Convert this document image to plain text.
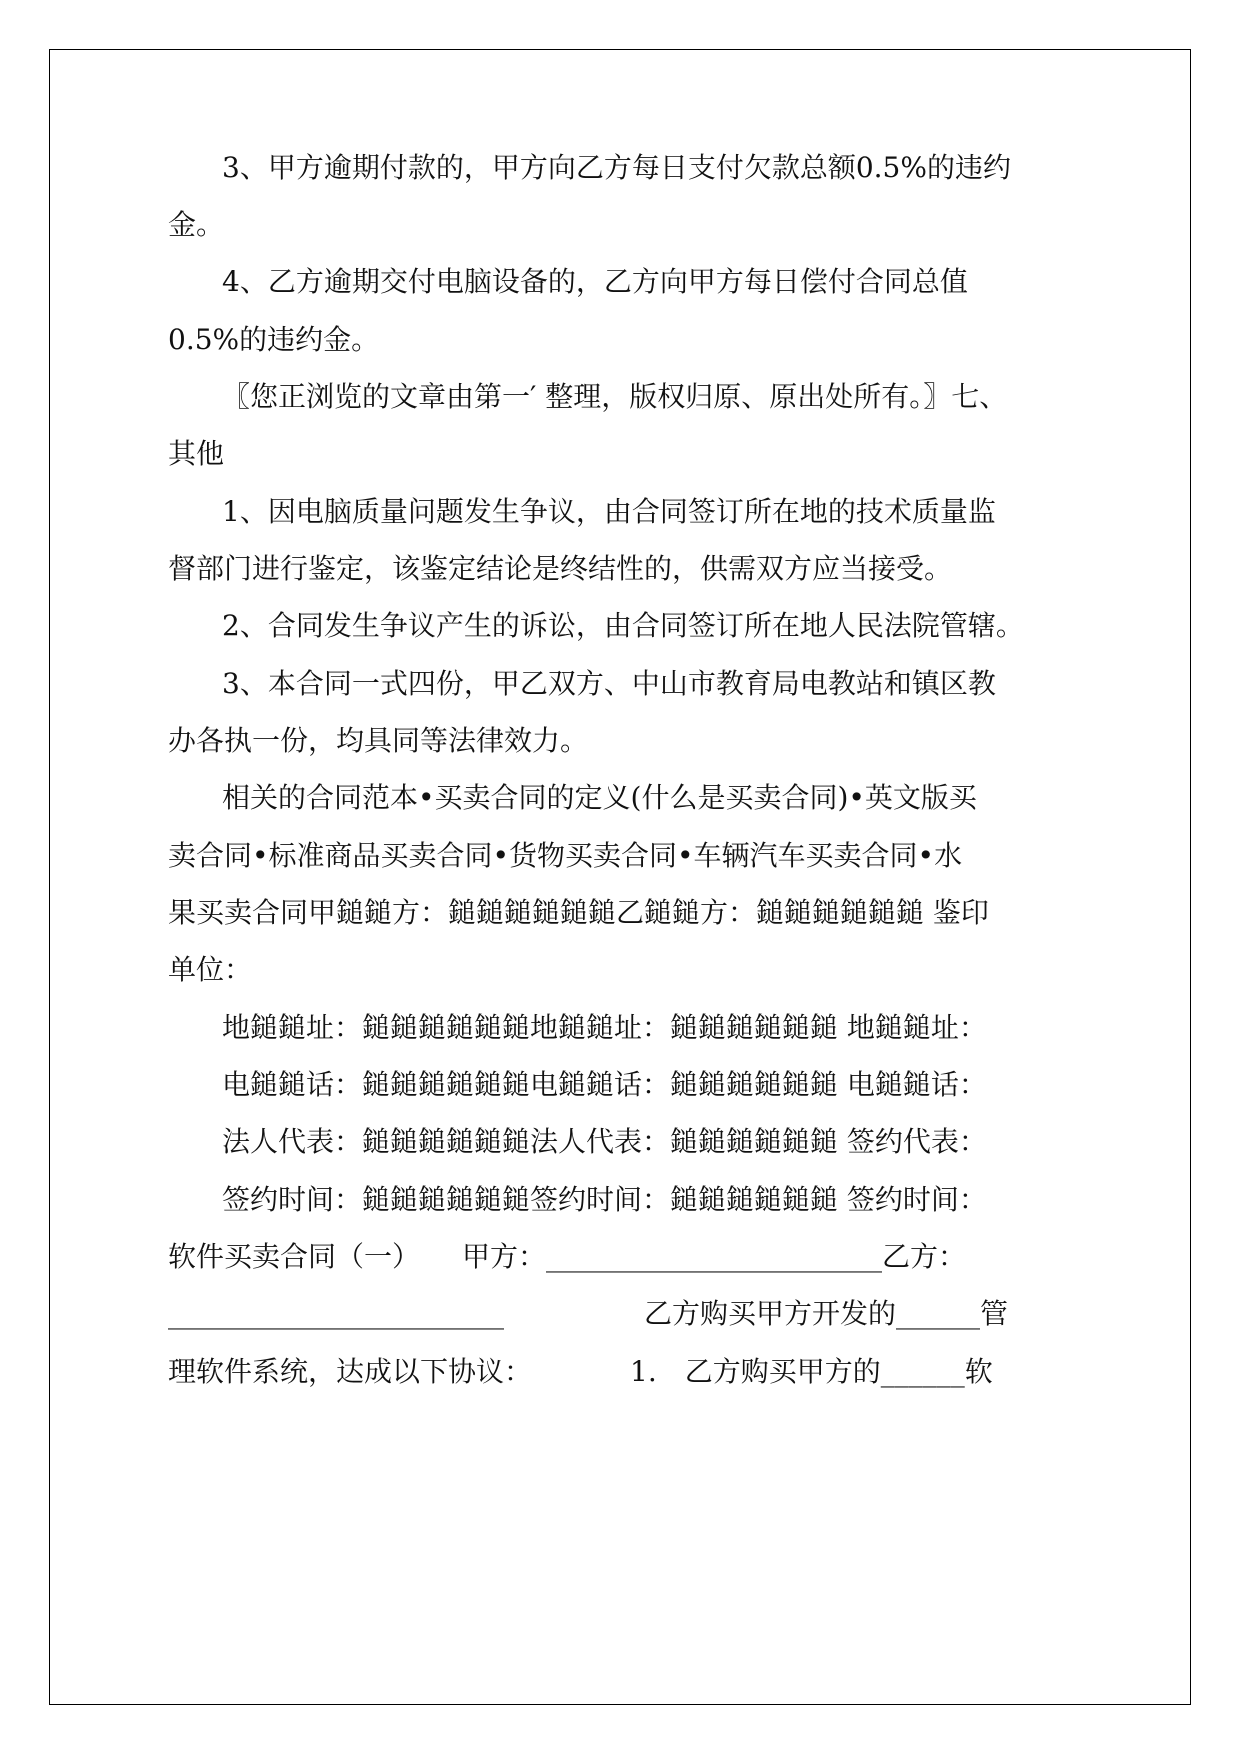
3、甲方逾期付款的，甲方向乙方每日支付欠款总额0.5%的违约
金。
4、乙方逾期交付电脑设备的，乙方向甲方每日偿付合同总值
0.5%的违约金。
〖您正浏览的文章由第一′ 整理，版权归原、原出处所有。〗七、
其他
1、因电脑质量问题发生争议，由合同签订所在地的技术质量监
督部门进行鉴定，该鉴定结论是终结性的，供需双方应当接受。
2、合同发生争议产生的诉讼，由合同签订所在地人民法院管辖。
3、本合同一式四份，甲乙双方、中山市教育局电教站和镇区教
办各执一份，均具同等法律效力。
相关的合同范本•买卖合同的定义(什么是买卖合同)•英文版买
卖合同•标准商品买卖合同•货物买卖合同•车辆汽车买卖合同•水
果买卖合同甲鎚鎚方：鎚鎚鎚鎚鎚鎚乙鎚鎚方：鎚鎚鎚鎚鎚鎚 鉴印
单位：
地鎚鎚址：鎚鎚鎚鎚鎚鎚地鎚鎚址：鎚鎚鎚鎚鎚鎚 地鎚鎚址：
电鎚鎚话：鎚鎚鎚鎚鎚鎚电鎚鎚话：鎚鎚鎚鎚鎚鎚 电鎚鎚话：
法人代表：鎚鎚鎚鎚鎚鎚法人代表：鎚鎚鎚鎚鎚鎚 签约代表：
签约时间：鎚鎚鎚鎚鎚鎚签约时间：鎚鎚鎚鎚鎚鎚 签约时间：
软件买卖合同（一）　　甲方：________________________乙方：
________________________　　　　　乙方购买甲方开发的______管
理软件系统，达成以下协议：　　　　1.　乙方购买甲方的______软
